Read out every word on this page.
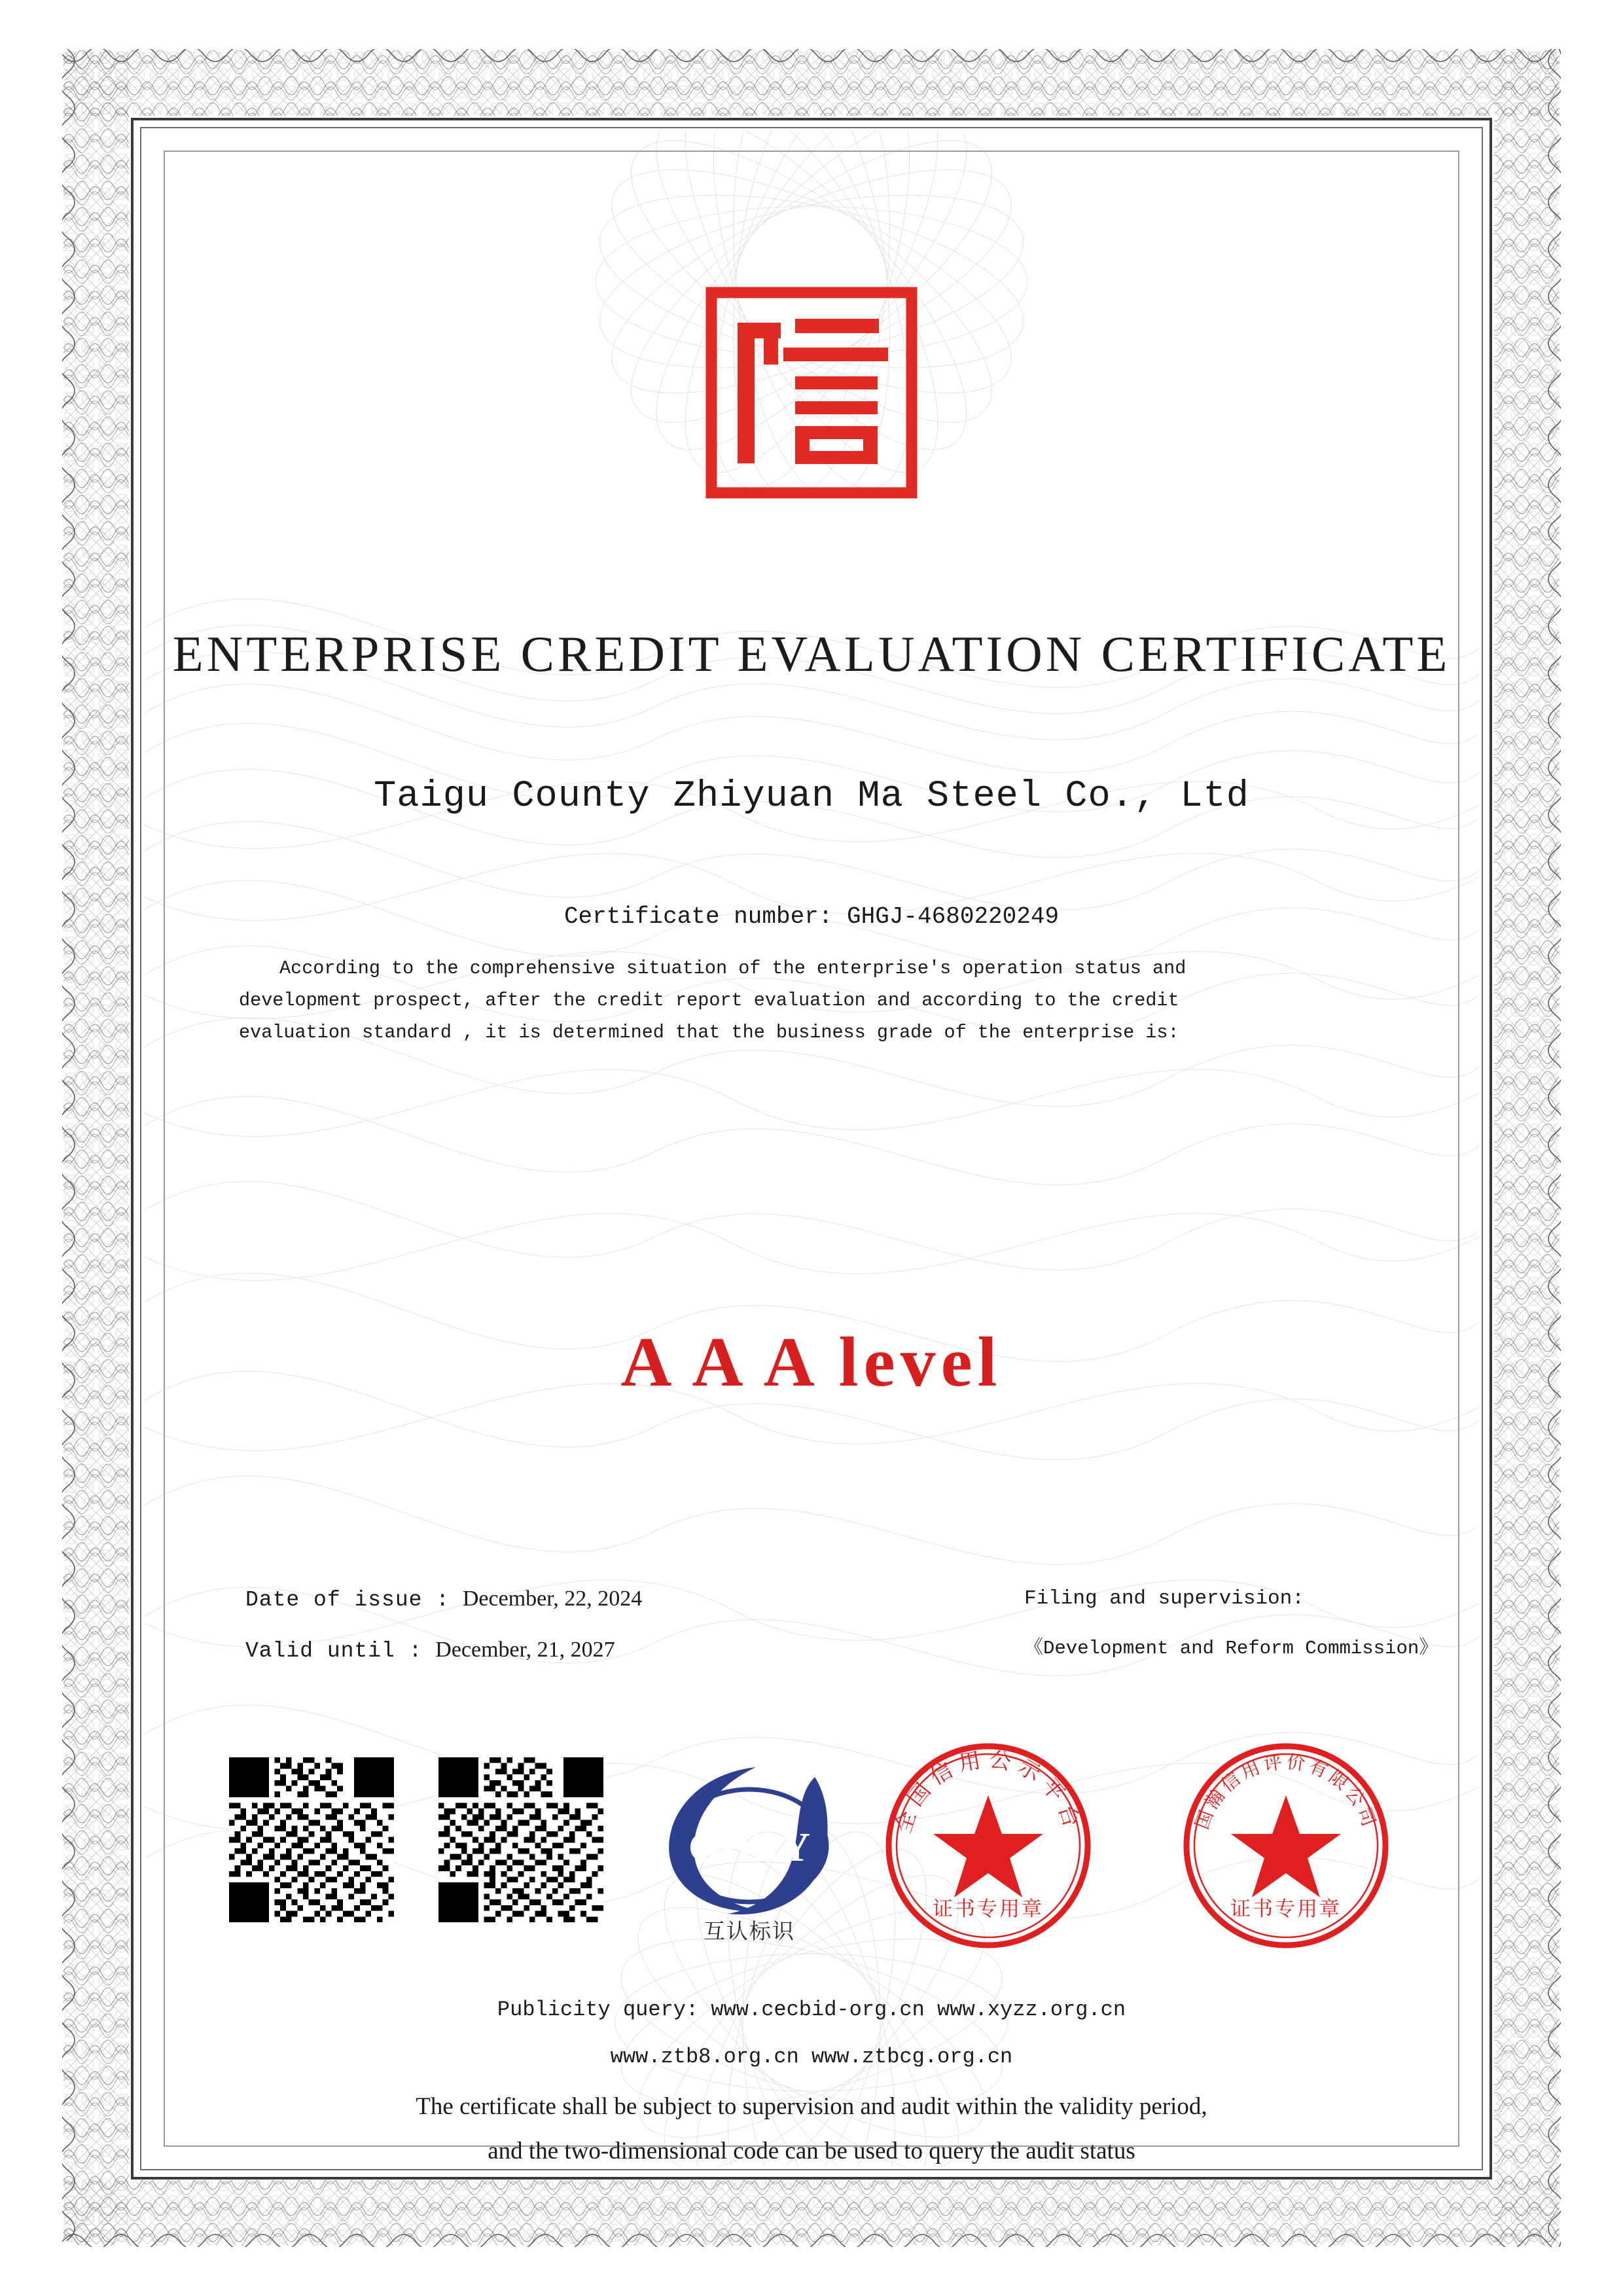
ENTERPRISE CREDIT EVALUATION CERTIFICATE
Taigu County Zhiyuan Ma Steel Co., Ltd
Certificate number: GHGJ-4680220249
According to the comprehensive situation of the enterprise's operation status and
development prospect, after the credit report evaluation and according to the credit
evaluation standard , it is determined that the business grade of the enterprise is:
A A A level
Date of issue : December, 22, 2024
Valid until : December, 21, 2027
Filing and supervision:
《Development and Reform Commission》
GHXY
互认标识
全国信用公示平台
证书专用章
国瀚信用评价有限公司
证书专用章
Publicity query: www.cecbid-org.cn www.xyzz.org.cn
www.ztb8.org.cn www.ztbcg.org.cn
The certificate shall be subject to supervision and audit within the validity period,
and the two-dimensional code can be used to query the audit status
